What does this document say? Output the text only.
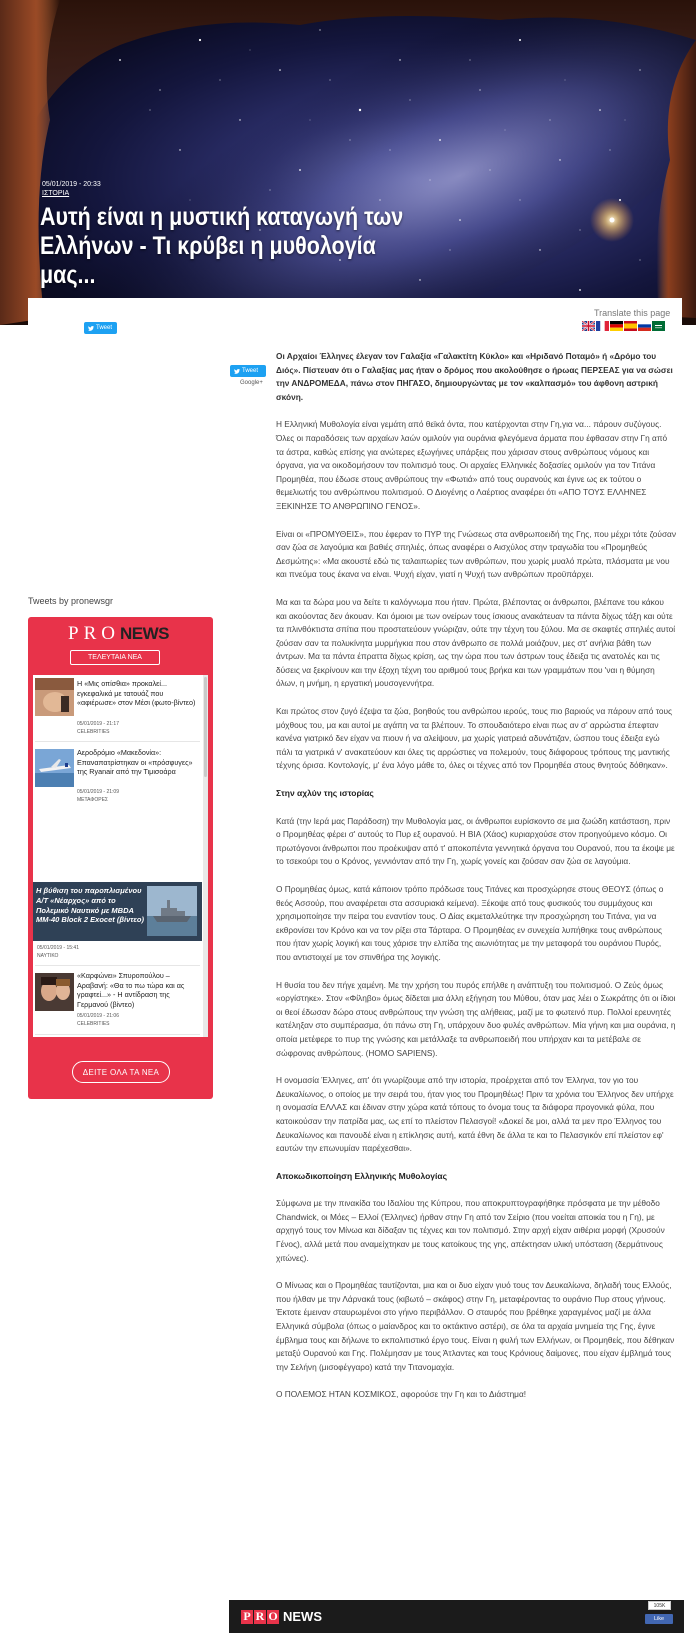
05/01/2019 - 20:33
ΙΣΤΟΡΙΑ
Αυτή είναι η μυστική καταγωγή των Ελλήνων - Τι κρύβει η μυθολογία μας...
Translate this page
Tweet
Tweet
Google+

Οι Αρχαίοι Έλληνες έλεγαν τον Γαλαξία «Γαλακτίτη Κύκλο» και «Ηριδανό Ποταμό» ή «Δρόμο του Διός». Πίστευαν ότι ο Γαλαξίας μας ήταν ο δρόμος που ακολούθησε ο ήρωας ΠΕΡΣΕΑΣ για να σώσει την ΑΝΔΡΟΜΕΔΑ, πάνω στον ΠΗΓΑΣΟ, δημιουργώντας με τον «καλπασμό» του άφθονη αστρική σκόνη.

Η Ελληνική Μυθολογία είναι γεμάτη από θεϊκά όντα, που κατέρχονται στην Γη,για να... πάρουν συζύγους. Όλες οι παραδόσεις των αρχαίων λαών ομιλούν για ουράνια φλεγόμενα άρματα που έφθασαν στην Γη από τα άστρα, καθώς επίσης για ανώτερες εξωγήινες υπάρξεις που χάρισαν στους ανθρώπους νόμους και όργανα, για να οικοδομήσουν τον πολιτισμό τους. Οι αρχαίες Ελληνικές δοξασίες ομιλούν για τον Τιτάνα Προμηθέα, που έδωσε στους ανθρώπους την «Φωτιά» από τους ουρανούς και έγινε ως εκ τούτου ο θεμελιωτής του ανθρώπινου πολιτισμού. Ο Διογένης ο Λαέρτιος αναφέρει ότι «ΑΠΟ ΤΟΥΣ ΕΛΛΗΝΕΣ ΞΕΚΙΝΗΣΕ ΤΟ ΑΝΘΡΩΠΙΝΟ ΓΕΝΟΣ».

Είναι οι «ΠΡΟΜΥΘΕΙΣ», που έφεραν το ΠΥΡ της Γνώσεως στα ανθρωποειδή της Γης, που μέχρι τότε ζούσαν σαν ζώα σε λαγούμια και βαθιές σπηλιές, όπως αναφέρει ο Αισχύλος στην τραγωδία του «Προμηθεύς Δεσμώτης»: «Μα ακουστέ εδώ τις ταλαιπωρίες των ανθρώπων, που χωρίς μυαλό πρώτα, πλάσματα με νου και πνεύμα τους έκανα να είναι. Ψυχή είχαν, γιατί η Ψυχή των ανθρώπων προϋπάρχει.

Μα και τα δώρα μου να δείτε τι καλόγνωμα που ήταν. Πρώτα, βλέποντας οι άνθρωποι, βλέπανε του κάκου και ακούοντας δεν άκουαν. Και όμοιοι με των ονείρων τους ίσκιους ανακάτευαν τα πάντα δίχως τάξη και ούτε τα πλινθόκτιστα σπίτια που προστατεύουν γνώριζαν, ούτε την τέχνη του ξύλου. Μα σε σκαφτές σπηλιές αυτοί ζούσαν σαν τα πολυκίνητα μυρμήγκια που στον άνθρωπο σε πολλά μοιάζουν, μες στ' ανήλια βάθη των άντρων. Μα τα πάντα έπραττα δίχως κρίση, ως την ώρα που των άστρων τους έδειξα τις ανατολές και τις δύσεις να ξεκρίνουν και την έξοχη τέχνη του αριθμού τους βρήκα και των γραμμάτων που 'ναι η θύμηση όλων, η μνήμη, η εργατική μουσογεννήτρα.

Και πρώτος στον ζυγό έζεψα τα ζώα, βοηθούς του ανθρώπου ιερούς, τους πιο βαριούς να πάρουν από τους μόχθους του, μα και αυτοί με αγάπη να τα βλέπουν. Το σπουδαιότερο είναι πως αν σ' αρρώστια έπεφταν κανένα γιατρικό δεν είχαν να πιουν ή να αλείψουν, μα χωρίς γιατρειά αδυνάτιζαν, ώσπου τους έδειξα εγώ πάλι τα γιατρικά ν' ανακατεύουν και όλες τις αρρώστιες να πολεμούν, τους διάφορους τρόπους της μαντικής τέχνης όρισα. Κοντολογίς, μ' ένα λόγο μάθε το, όλες οι τέχνες από τον Προμηθέα στους θνητούς δόθηκαν».

Στην αχλύν της ιστορίας

Κατά (την Ιερά μας Παράδοση) την Μυθολογία μας, οι άνθρωποι ευρίσκοντο σε μια ζωώδη κατάσταση, πριν ο Προμηθέας φέρει σ' αυτούς το Πυρ εξ ουρανού. Η ΒΙΑ (Χάος) κυριαρχούσε στον προηγούμενο κόσμο. Οι πρωτόγονοι άνθρωποι που προέκυψαν από τ' αποκοπέντα γεννητικά όργανα του Ουρανού, που τα έκοψε με το τσεκούρι του ο Κρόνος, γεννιόνταν από την Γη, χωρίς γονείς και ζούσαν σαν ζώα σε λαγούμια.

Ο Προμηθέας όμως, κατά κάποιον τρόπο πρόδωσε τους Τιτάνες και προσχώρησε στους ΘΕΟΥΣ (όπως ο θεός Ασσούρ, που αναφέρεται στα ασσυριακά κείμενα). Ξέκοψε από τους φυσικούς του συμμάχους και χρησιμοποίησε την πείρα του εναντίον τους. Ο Δίας εκμεταλλεύτηκε την προσχώρηση του Τιτάνα, για να εκθρονίσει τον Κρόνο και να τον ρίξει στα Τάρταρα. Ο Προμηθέας εν συνεχεία λυπήθηκε τους ανθρώπους που ήταν χωρίς λογική και τους χάρισε την ελπίδα της αιωνιότητας με την μεταφορά του ουράνιου Πυρός, που αντιστοιχεί με τον σπινθήρα της λογικής.

Η θυσία του δεν πήγε χαμένη. Με την χρήση του πυρός επήλθε η ανάπτυξη του πολιτισμού. Ο Ζεύς όμως «οργίστηκε». Στον «Φίληβο» όμως δίδεται μια άλλη εξήγηση του Μύθου, όταν μας λέει ο Σωκράτης ότι οι ίδιοι οι θεοί έδωσαν δώρο στους ανθρώπους την γνώση της αλήθειας, μαζί με το φωτεινό πυρ. Πολλοί ερευνητές κατέληξαν στο συμπέρασμα, ότι πάνω στη Γη, υπάρχουν δυο φυλές ανθρώπων. Μία γήινη και μια ουράνια, η οποία μετέφερε το πυρ της γνώσης και μετάλλαξε τα ανθρωποειδή που υπήρχαν και τα μετέβαλε σε σώφρονας ανθρώπους. (HOMO SAPIENS).

Η ονομασία Έλληνες, απ' ότι γνωρίζουμε από την ιστορία, προέρχεται από τον Έλληνα, τον γιο του Δευκαλίωνος, ο οποίος με την σειρά του, ήταν γιος του Προμηθέως! Πριν τα χρόνια του Έλληνος δεν υπήρχε η ονομασία ΕΛΛΑΣ και έδιναν στην χώρα κατά τόπους το όνομα τους τα διάφορα προγονικά φύλα, που κατοικούσαν την πατρίδα μας, ως επί το πλείστον Πελασγοί! «Δοκεί δε μοι, αλλά τα μεν προ Έλληνος του Δευκαλίωνος και πανουδέ είναι η επίκλησις αυτή, κατά έθνη δε άλλα τε και το Πελασγικόν επί πλείστον εφ' εαυτών την επωνυμίαν παρέχεσθαι».

Αποκωδικοποίηση Ελληνικής Μυθολογίας

Σύμφωνα με την πινακίδα του Ιδαλίου της Κύπρου, που αποκρυπτογραφήθηκε πρόσφατα με την μέθοδο Chandwick, οι Μόες – Ελλοί (Έλληνες) ήρθαν στην Γη από τον Σείριο (που νοείται αποικία του η Γη), με αρχηγό τους τον Μίνωα και δίδαξαν τις τέχνες και τον πολιτισμό. Στην αρχή είχαν αιθέρια μορφή (Χρυσούν Γένος), αλλά μετά που αναμείχτηκαν με τους κατοίκους της γης, απέκτησαν υλική υπόσταση (δερμάτινους χιτώνες).

Ο Μίνωας και ο Προμηθέας ταυτίζονται, μια και οι δυο είχαν γιυό τους τον Δευκαλίωνα, δηλαδή τους Ελλούς, που ήλθαν με την Λάρνακά τους (κιβωτό – σκάφος) στην Γη, μεταφέροντας το ουράνιο Πυρ στους γήινους. Έκτοτε έμειναν σταυρωμένοι στο γήινο περιβάλλον. Ο σταυρός που βρέθηκε χαραγμένος μαζί με άλλα Ελληνικά σύμβολα (όπως ο μαίανδρος και το οκτάκτινο αστέρι), σε όλα τα αρχαία μνημεία της Γης, έγινε έμβλημα τους και δήλωνε το εκπολιτιστικό έργο τους. Είναι η φυλή των Ελλήνων, οι Προμηθείς, που δέθηκαν μεταξύ Ουρανού και Γης. Πολέμησαν με τους Άτλαντες και τους Κρόνιους δαίμονες, που είχαν έμβλημά τους την Σελήνη (μισοφέγγαρο) κατά την Τιτανομαχία.

Ο ΠΟΛΕΜΟΣ ΗΤΑΝ ΚΟΣΜΙΚΟΣ, αφορούσε την Γη και το Διάστημα!

Tweets by pronewsgr
PRONEWS
ΤΕΛΕΥΤΑΙΑ ΝΕΑ
Η «Μις οπίσθια» προκαλεί... εγκεφαλικά με τατουάζ που «αφιέρωσε» στον Μέσι (φωτο-βίντεο)
05/01/2019 - 21:17
CELEBRITIES
Αεροδρόμιο «Μακεδονία»: Επαναπατρίστηκαν οι «πρόσφυγες» της Ryanair από την Τιμισοάρα
05/01/2019 - 21:09
ΜΕΤΑΦΟΡΕΣ
Η βύθιση του παροπλισμένου Α/Τ «Νέαρχος» από το Πολεμικό Ναυτικό με MBDA MM-40 Block 2 Exocet (βίντεο)
05/01/2019 - 15:41
ΝΑΥΤΙΚΟ
«Καρφώνει» Σπυροπούλου – Αραβανή: «Θα το πω τώρα και ας γραφτεί...» - Η αντίδραση της Γερμανού (βίντεο)
05/01/2019 - 21:06
CELEBRITIES
ΔΕΙΤΕ ΟΛΑ ΤΑ ΝΕΑ
P R O NEWS
105K
Like
